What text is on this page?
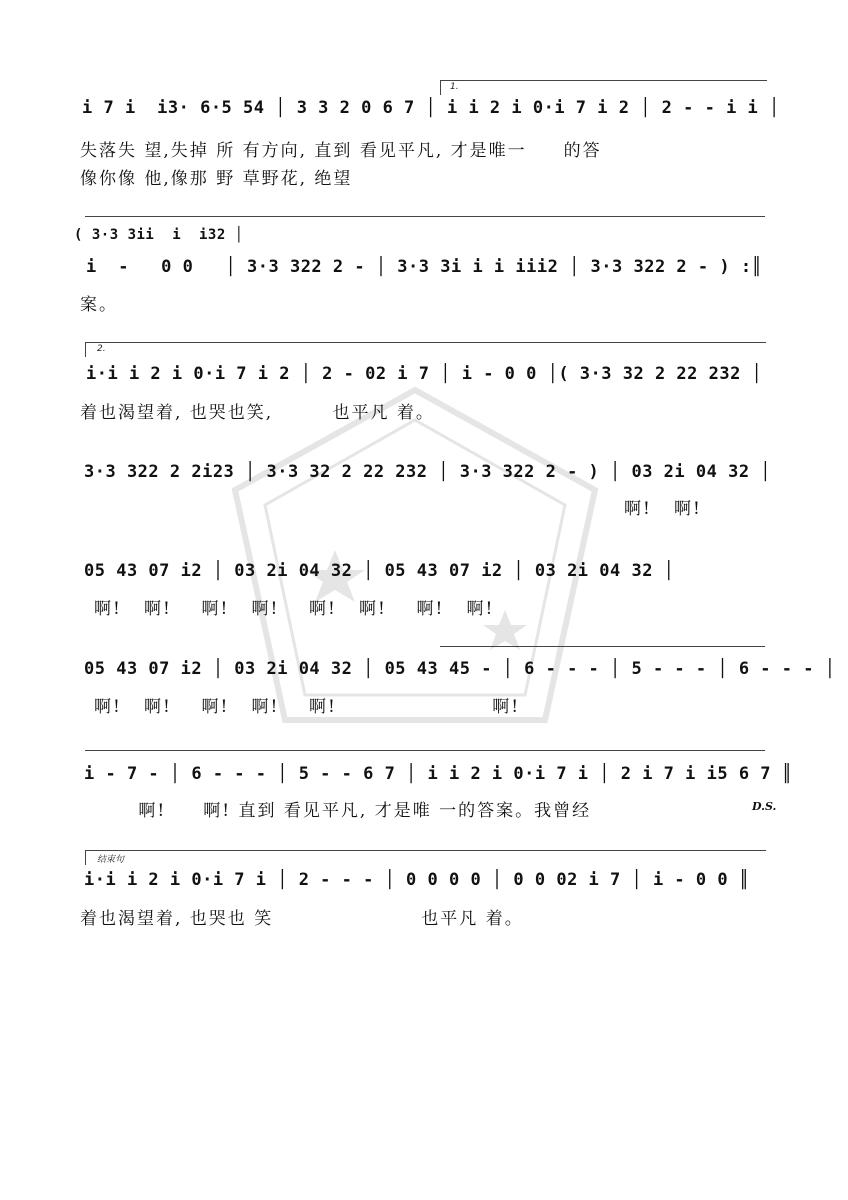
1.
2.
结束句
i 7 i  i3· 6·5 54 │ 3 3 2 0 6 7 │ i i 2 i 0·i 7 i 2 │ 2 - - i i │
失落失 望,失掉 所 有方向, 直到 看见平凡, 才是唯一     的答
像你像 他,像那 野 草野花, 绝望
( 3·3 3ii  i  i32 │
i  -   0 0   │ 3·3 322 2 - │ 3·3 3i i i iii2 │ 3·3 322 2 - ) :║
案。
i·i i 2 i 0·i 7 i 2 │ 2 - 02 i 7 │ i - 0 0 │( 3·3 32 2 22 232 │
着也渴望着, 也哭也笑,        也平凡 着。
3·3 322 2 2i23 │ 3·3 32 2 22 232 │ 3·3 322 2 - ) │ 03 2i 04 32 │
啊!   啊!
05 43 07 i2 │ 03 2i 04 32 │ 05 43 07 i2 │ 03 2i 04 32 │
啊!   啊!    啊!   啊!    啊!   啊!    啊!   啊!
05 43 07 i2 │ 03 2i 04 32 │ 05 43 45 - │ 6 - - - │ 5 - - - │ 6 - - - │
啊!   啊!    啊!   啊!    啊!                     啊!
i - 7 - │ 6 - - - │ 5 - - 6 7 │ i i 2 i 0·i 7 i │ 2 i 7 i i5 6 7 ║
啊!     啊! 直到 看见平凡, 才是唯 一的答案。我曾经	D.S.
i·i i 2 i 0·i 7 i │ 2 - - - │ 0 0 0 0 │ 0 0 02 i 7 │ i - 0 0 ║
着也渴望着, 也哭也 笑                    也平凡 着。
